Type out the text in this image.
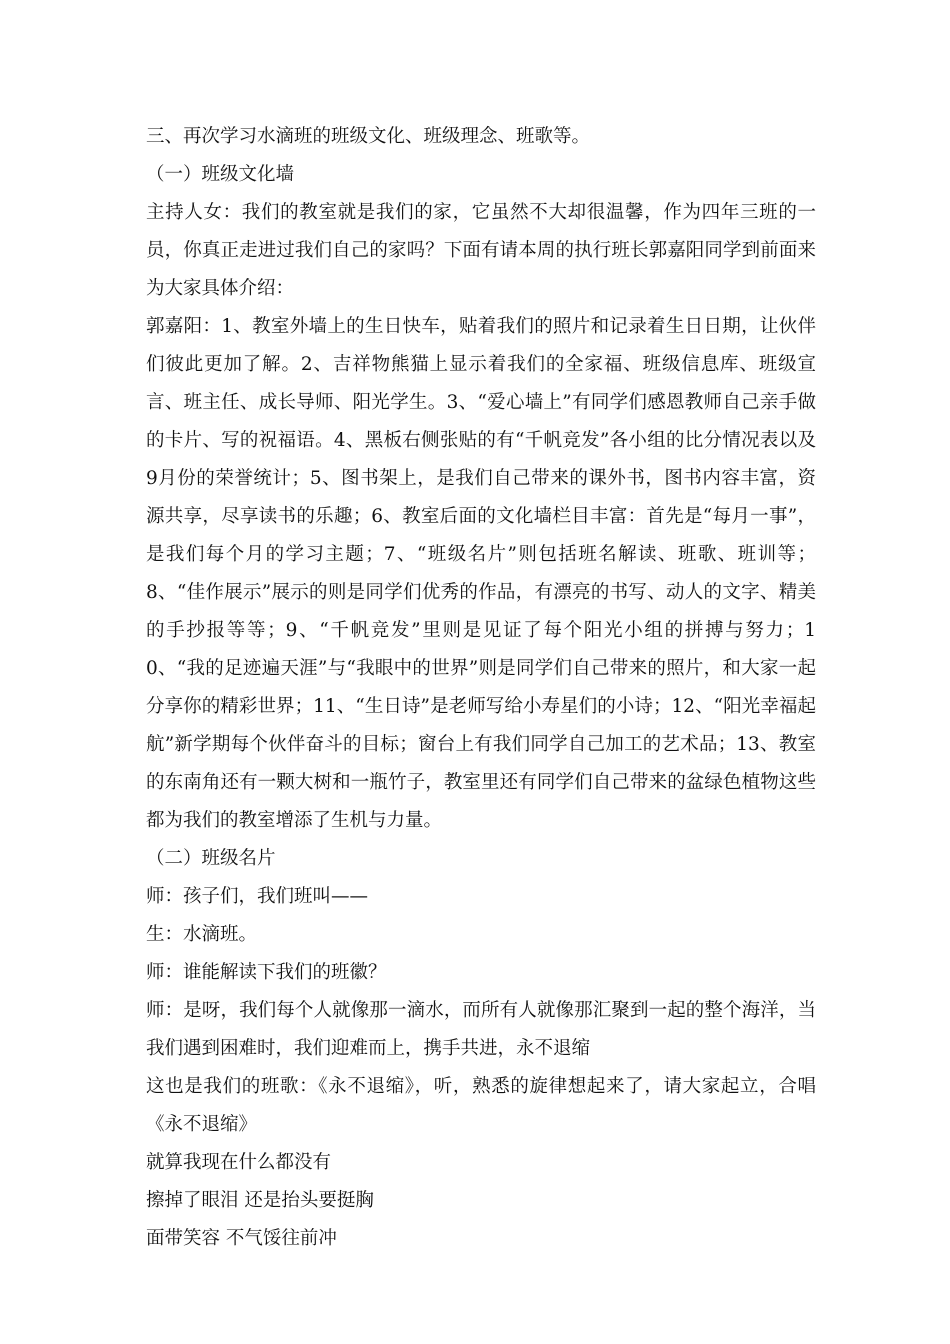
三、再次学习水滴班的班级文化、班级理念、班歌等。

（一）班级文化墙

主持人女：我们的教室就是我们的家，它虽然不大却很温馨，作为四年三班的一员，你真正走进过我们自己的家吗？下面有请本周的执行班长郭嘉阳同学到前面来为大家具体介绍：

郭嘉阳：1、教室外墙上的生日快车，贴着我们的照片和记录着生日日期，让伙伴们彼此更加了解。2、吉祥物熊猫上显示着我们的全家福、班级信息库、班级宣言、班主任、成长导师、阳光学生。3、“爱心墙上”有同学们感恩教师自己亲手做的卡片、写的祝福语。4、黑板右侧张贴的有“千帆竞发”各小组的比分情况表以及9月份的荣誉统计；5、图书架上，是我们自己带来的课外书，图书内容丰富，资源共享，尽享读书的乐趣；6、教室后面的文化墙栏目丰富：首先是“每月一事”，是我们每个月的学习主题；7、“班级名片”则包括班名解读、班歌、班训等；8、“佳作展示”展示的则是同学们优秀的作品，有漂亮的书写、动人的文字、精美的手抄报等等；9、“千帆竞发”里则是见证了每个阳光小组的拼搏与努力；10、“我的足迹遍天涯”与“我眼中的世界”则是同学们自己带来的照片，和大家一起分享你的精彩世界；11、“生日诗”是老师写给小寿星们的小诗；12、“阳光幸福起航”新学期每个伙伴奋斗的目标；窗台上有我们同学自己加工的艺术品；13、教室的东南角还有一颗大树和一瓶竹子，教室里还有同学们自己带来的盆绿色植物这些都为我们的教室增添了生机与力量。

（二）班级名片

师：孩子们，我们班叫——

生：水滴班。

师：谁能解读下我们的班徽？

师：是呀，我们每个人就像那一滴水，而所有人就像那汇聚到一起的整个海洋，当我们遇到困难时，我们迎难而上，携手共进，永不退缩

这也是我们的班歌：《永不退缩》，听，熟悉的旋律想起来了，请大家起立，合唱《永不退缩》

就算我现在什么都没有

擦掉了眼泪 还是抬头要挺胸

面带笑容 不气馁往前冲
